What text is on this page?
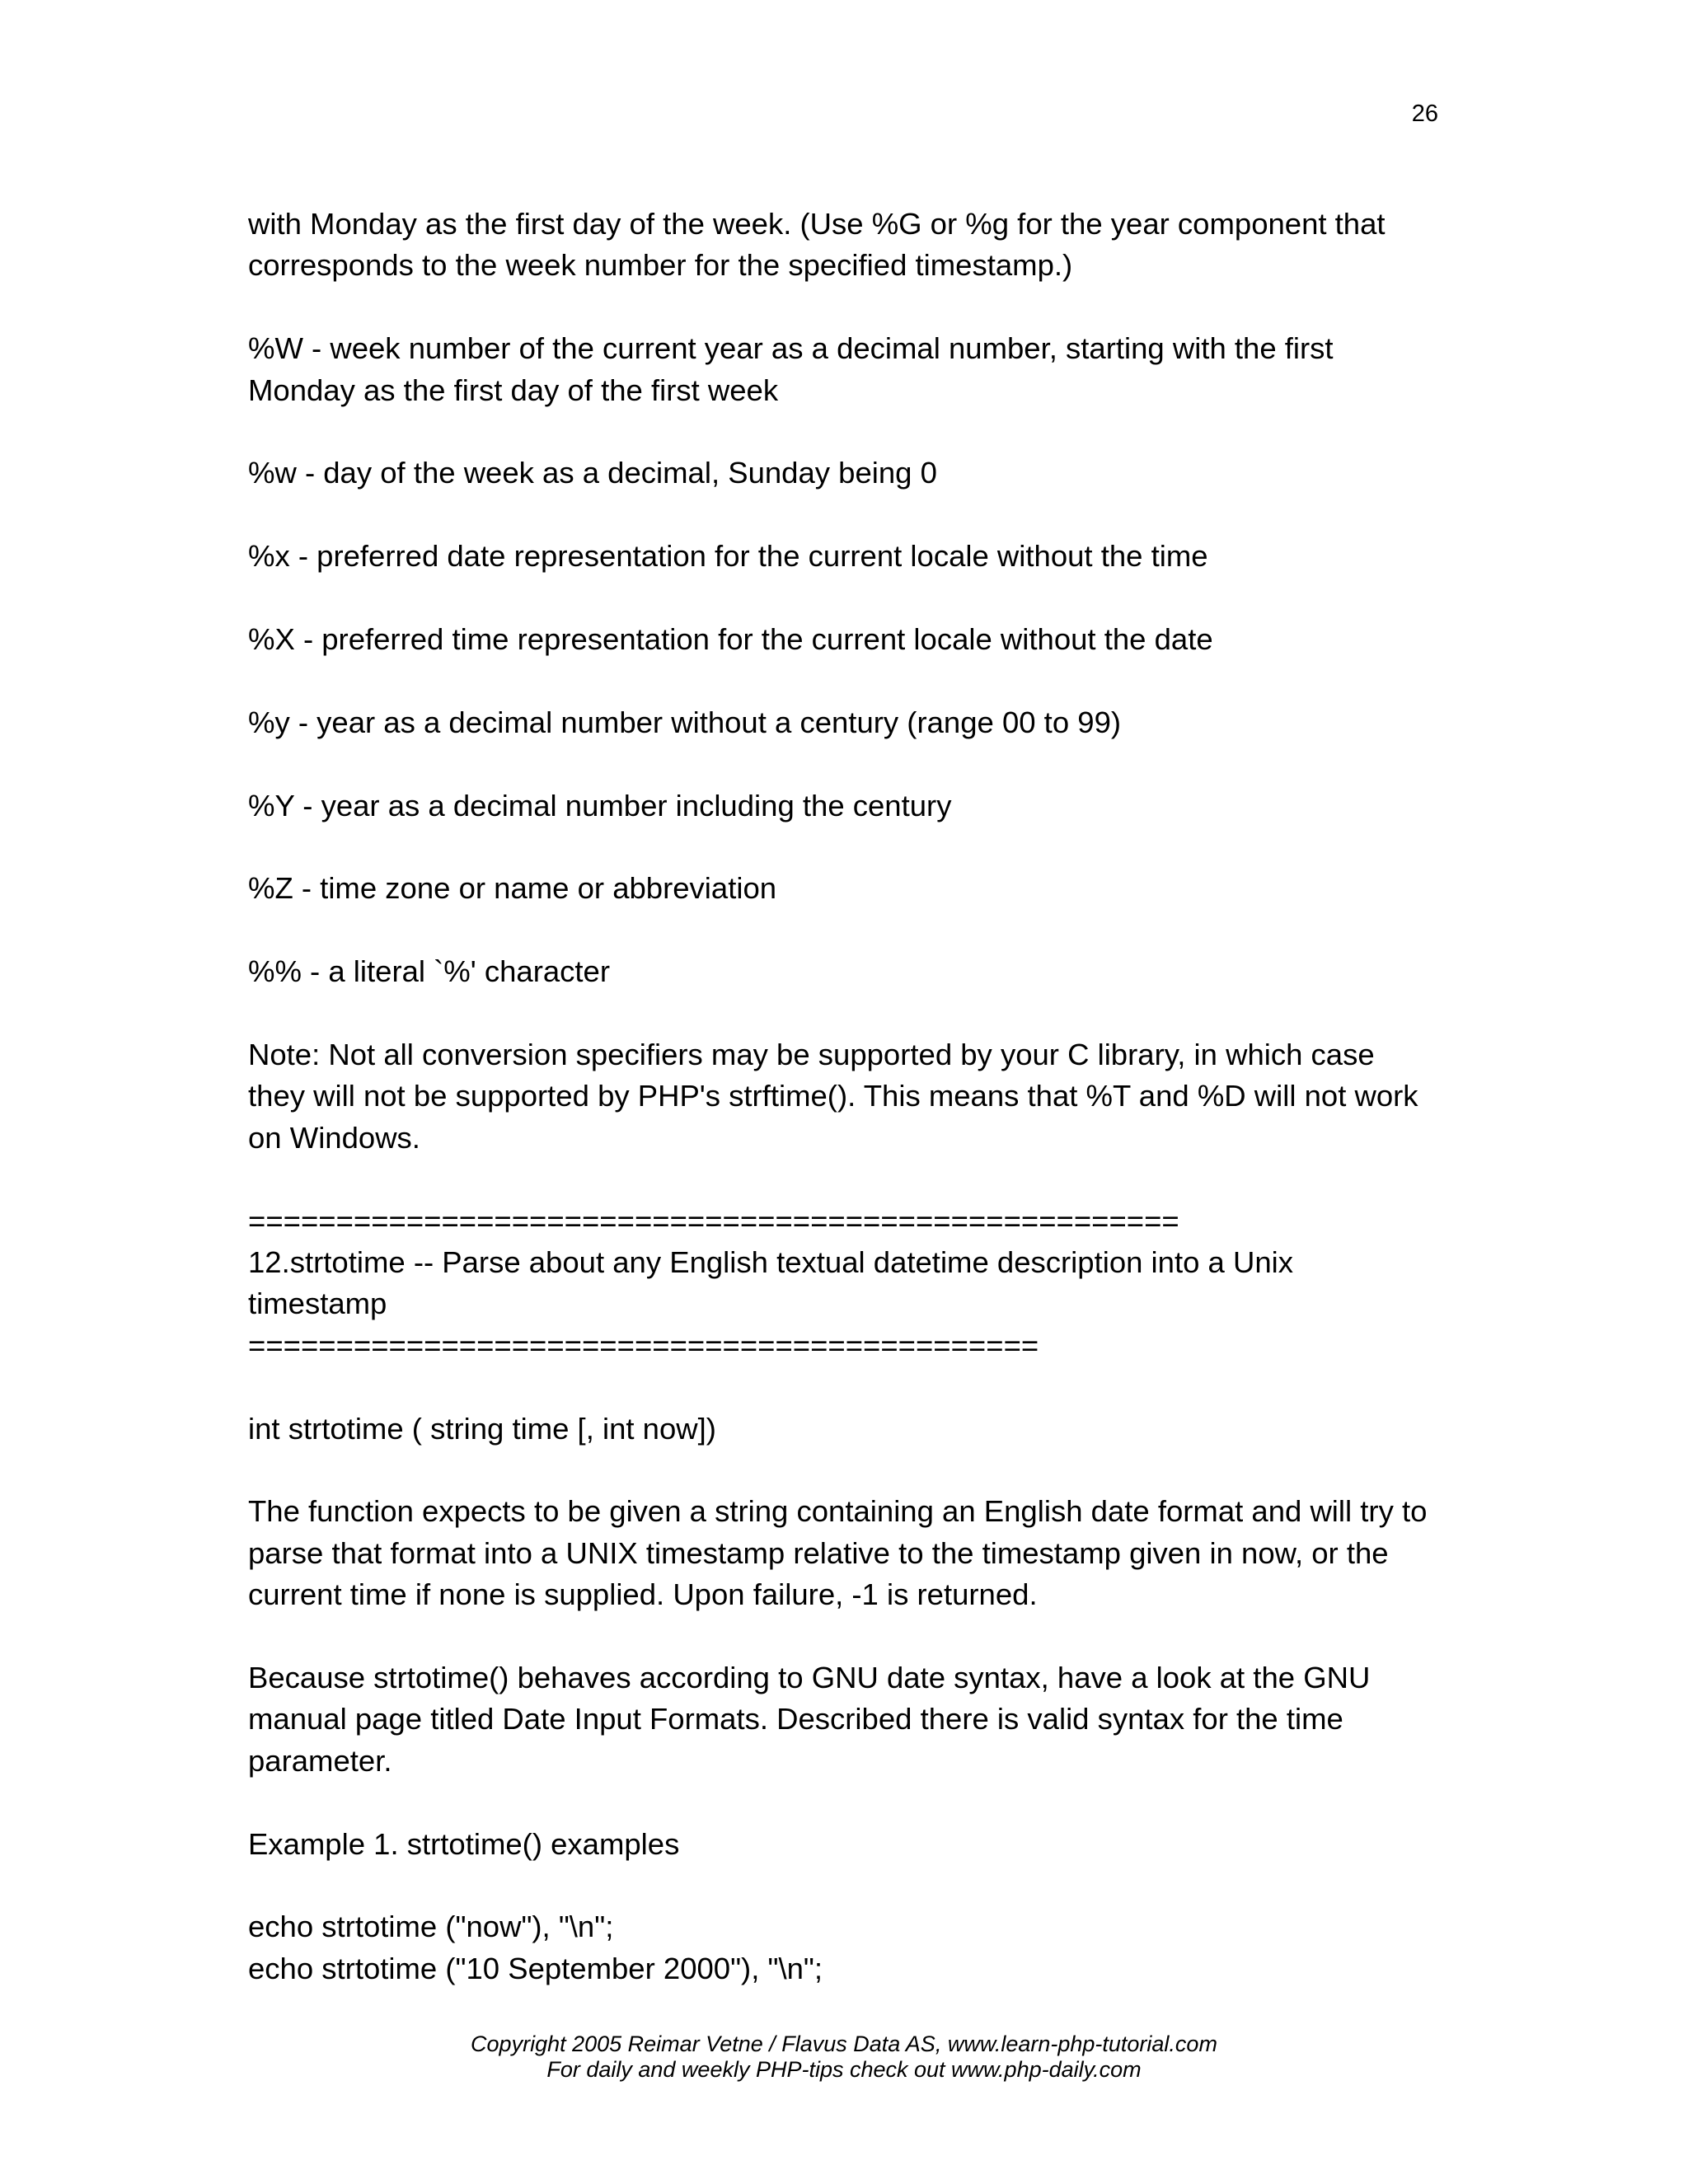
26

with Monday as the first day of the week. (Use %G or %g for the year component that
corresponds to the week number for the specified timestamp.)

%W - week number of the current year as a decimal number, starting with the first
Monday as the first day of the first week

%w - day of the week as a decimal, Sunday being 0

%x - preferred date representation for the current locale without the time

%X - preferred time representation for the current locale without the date

%y - year as a decimal number without a century (range 00 to 99)

%Y - year as a decimal number including the century

%Z - time zone or name or abbreviation

%% - a literal `%' character

Note: Not all conversion specifiers may be supported by your C library, in which case
they will not be supported by PHP's strftime(). This means that %T and %D will not work
on Windows.

=====================================================

12.strtotime -- Parse about any English textual datetime description into a Unix
timestamp

=============================================

int strtotime ( string time [, int now])

The function expects to be given a string containing an English date format and will try to
parse that format into a UNIX timestamp relative to the timestamp given in now, or the
current time if none is supplied. Upon failure, -1 is returned.

Because strtotime() behaves according to GNU date syntax, have a look at the GNU
manual page titled Date Input Formats. Described there is valid syntax for the time
parameter.

Example 1. strtotime() examples

echo strtotime ("now"), "\n";

echo strtotime ("10 September 2000"), "\n";

Copyright 2005 Reimar Vetne / Flavus Data AS, www.learn-php-tutorial.com
For daily and weekly PHP-tips check out www.php-daily.com
